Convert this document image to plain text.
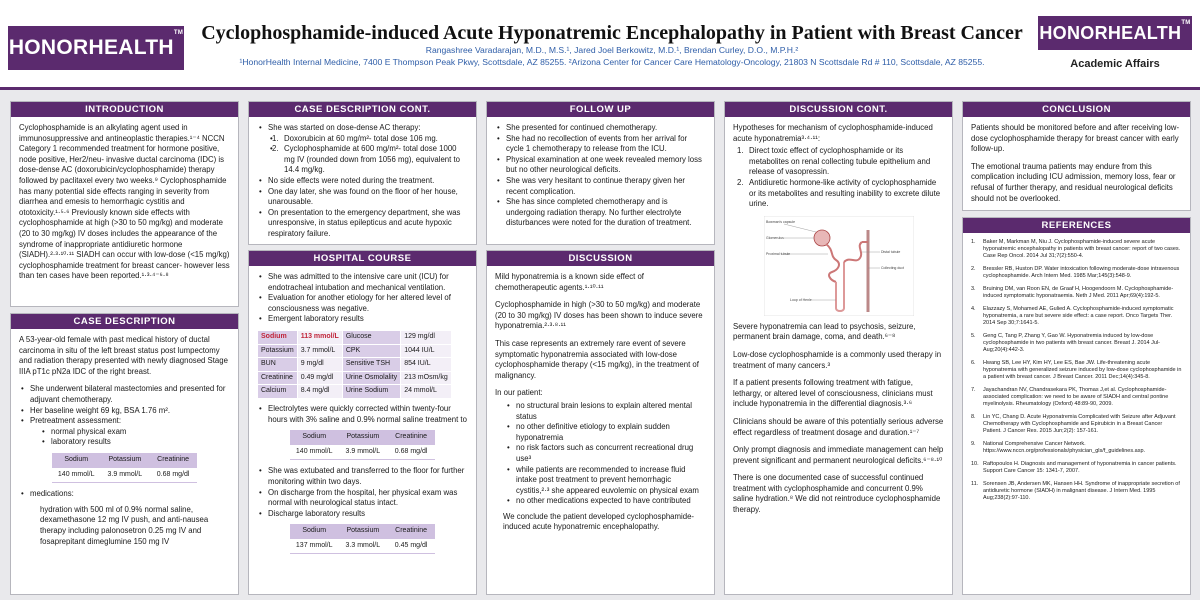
HONORHEALTH™ Cyclophosphamide-induced Acute Hyponatremic Encephalopathy in Patient with Breast Cancer
Rangashree Varadarajan, M.D., M.S.¹, Jared Joel Berkowitz, M.D.¹, Brendan Curley, D.O., M.P.H.²
¹HonorHealth Internal Medicine, 7400 E Thompson Peak Pkwy, Scottsdale, AZ 85255. ²Arizona Center for Cancer Care Hematology-Oncology, 21803 N Scottsdale Rd # 110, Scottsdale, AZ 85255.
HONORHEALTH™
Academic Affairs
INTRODUCTION

Cyclophosphamide is an alkylating agent used in immunosuppressive and antineoplastic therapies.¹⁻⁴ NCCN Category 1 recommended treatment for hormone positive, node positive, Her2/neu- invasive ductal carcinoma (IDC) is dose-dense AC (doxorubicin/cyclophosphamide) therapy followed by paclitaxel every two weeks.⁹ Cyclophosphamide has many potential side effects ranging in severity from diarrhea and emesis to hemorrhagic cystitis and ototoxicity.¹·⁵·⁶ Previously known side effects with cyclophosphamide at high (>30 to 50 mg/kg) and moderate (20 to 30 mg/kg) IV doses includes the appearance of the syndrome of inappropriate antidiuretic hormone (SIADH).²·³·¹⁰·¹¹ SIADH can occur with low-dose (<15 mg/kg) cyclophosphamide treatment for breast cancer- however less than ten cases have been reported.¹·³·⁴⁻⁶·⁸

CASE DESCRIPTION

A 53-year-old female with past medical history of ductal carcinoma in situ of the left breast status post lumpectomy and radiation therapy presented with newly diagnosed Stage IIIA pT1c pN2a IDC of the right breast.

• She underwent bilateral mastectomies and presented for adjuvant chemotherapy.
• Her baseline weight 69 kg, BSA 1.76 m².
• Pretreatment assessment:
• normal physical exam
• laboratory results
Sodium	Potassium	Creatinine
140 mmol/L	3.9 mmol/L	0.68 mg/dl
• medications:

hydration with 500 ml of 0.9% normal saline, dexamethasone 12 mg IV push, and anti-nausea therapy including palonosetron 0.25 mg IV and fosaprepitant dimeglumine 150 mg IV

CASE DESCRIPTION CONT.
• She was started on dose-dense AC therapy:
• 1. Doxorubicin at 60 mg/m²- total dose 106 mg.
• 2. Cyclophosphamide at 600 mg/m²- total dose 1000 mg IV (rounded down from 1056 mg), equivalent to 14.4 mg/kg.
• No side effects were noted during the treatment.
• One day later, she was found on the floor of her house, unarousable.
• On presentation to the emergency department, she was unresponsive, in status epilepticus and acute hypoxic respiratory failure.
HOSPITAL COURSE
• She was admitted to the intensive care unit (ICU) for endotracheal intubation and mechanical ventilation.
• Evaluation for another etiology for her altered level of consciousness was negative.
• Emergent laboratory results
Sodium	113 mmol/L	Glucose	129 mg/dl
Potassium	3.7 mmol/L	CPK	1044 IU/L
BUN	9 mg/dl	Sensitive TSH	854 IU/L
Creatinine	0.49 mg/dl	Urine Osmolality	213 mOsm/kg
Calcium	8.4 mg/dl	Urine Sodium	24 mmol/L
• Electrolytes were quickly corrected within twenty-four hours with 3% saline and 0.9% normal saline treatment to
Sodium	Potassium	Creatinine
140 mmol/L	3.9 mmol/L	0.68 mg/dl
• She was extubated and transferred to the floor for further monitoring within two days.
• On discharge from the hospital, her physical exam was normal with neurological status intact.
• Discharge laboratory results
Sodium	Potassium	Creatinine
137 mmol/L	3.3 mmol/L	0.45 mg/dl
FOLLOW UP
• She presented for continued chemotherapy.
• She had no recollection of events from her arrival for cycle 1 chemotherapy to release from the ICU.
• Physical examination at one week revealed memory loss but no other neurological deficits.
• She was very hesitant to continue therapy given her recent complication.
• She has since completed chemotherapy and is undergoing radiation therapy. No further electrolyte disturbances were noted for the duration of treatment.
DISCUSSION

Mild hyponatremia is a known side effect of chemotherapeutic agents.¹·¹⁰·¹¹

Cyclophosphamide in high (>30 to 50 mg/kg) and moderate (20 to 30 mg/kg) IV doses has been shown to induce severe hyponatremia.²·³·⁸·¹¹

This case represents an extremely rare event of severe symptomatic hyponatremia associated with low-dose cyclophosphamide therapy (<15 mg/kg), in the treatment of malignancy.

In our patient:

• no structural brain lesions to explain altered mental status
• no other definitive etiology to explain sudden hyponatremia
• no risk factors such as concurrent recreational drug use³
• while patients are recommended to increase fluid intake post treatment to prevent hemorrhagic cystitis,²·³ she appeared euvolemic on physical exam
• no other medications expected to have contributed

We conclude the patient developed cyclophosphamide-induced acute hyponatremic encephalopathy.

DISCUSSION CONT.

Hypotheses for mechanism of cyclophosphamide-induced acute hyponatremia³·⁴·¹¹:

1. Direct toxic effect of cyclophosphamide or its metabolites on renal collecting tubule epithelium and release of vasopressin.
2. Antidiuretic hormone-like activity of cyclophosphamide or its metabolites and resulting inability to excrete dilute urine.
Bowman's capsule
Glomerulus
Proximal tubule	Distal tubule
Collecting duct
Loop of Henle

Severe hyponatremia can lead to psychosis, seizure, permanent brain damage, coma, and death.⁶⁻⁸

Low-dose cyclophosphamide is a commonly used therapy in treatment of many cancers.³

If a patient presents following treatment with fatigue, lethargy, or altered level of consciousness, clinicians must include hyponatremia in the differential diagnosis.³·⁶

Clinicians should be aware of this potentially serious adverse effect regardless of treatment dosage and duration.¹⁻⁷

Only prompt diagnosis and immediate management can help prevent significant and permanent neurological deficits.⁶⁻⁸·¹⁰

There is one documented case of successful continued treatment with cyclophosphamide and concurrent 0.9% saline hydration.⁸ We did not reintroduce cyclophosphamide therapy.

CONCLUSION

Patients should be monitored before and after receiving low-dose cyclophosphamide therapy for breast cancer with early follow-up.

The emotional trauma patients may endure from this complication including ICU admission, memory loss, fear or refusal of further therapy, and residual neurological deficits should not be overlooked.

REFERENCES
1. Baker M, Markman M, Niu J. Cyclophosphamide-induced severe acute hyponatremic encephalopathy in patients with breast cancer: report of two cases. Case Rep Oncol. 2014 Jul 31;7(2):550-4.
2. Bressler RB, Huston DP. Water intoxication following moderate-dose intravenous cyclophosphamide. Arch Intern Med. 1985 Mar;145(3):548-9.
3. Bruining DM, van Roon EN, de Graaf H, Hoogendoorn M. Cyclophosphamide-induced symptomatic hyponatraemia. Neth J Med. 2011 Apr;69(4):192-5.
4. Elazzazy S, Mohamed AE, Gulied A. Cyclophosphamide-induced symptomatic hyponatremia, a rare but severe side effect: a case report. Onco Targets Ther. 2014 Sep 30;7:1641-5.
5. Geng C, Tang P, Zhang Y, Gao W. Hyponatremia induced by low-dose cyclophosphamide in two patients with breast cancer. Breast J. 2014 Jul-Aug;20(4):442-3.
6. Hwang SB, Lee HY, Kim HY, Lee ES, Bae JW. Life-threatening acute hyponatremia with generalized seizure induced by low-dose cyclophosphamide in a patient with breast cancer. J Breast Cancer. 2011 Dec;14(4):345-8.
7. Jayachandran NV, Chandrasekara PK, Thomas J,et al. Cyclophosphamide-associated complication: we need to be aware of SIADH and central pontine myelinolysis. Rheumatology (Oxford) 48:89-90, 2009.
8. Lin YC, Chang D. Acute Hyponatremia Complicated with Seizure after Adjuvant Chemotherapy with Cyclophosphamide and Epirubicin in a Breast Cancer Patient. J Cancer Res. 2015 Jun;2(2): 157-161.
9. National Comprehensive Cancer Network. https://www.nccn.org/professionals/physician_gls/f_guidelines.asp.
10. Raftopoulos H. Diagnosis and management of hyponatremia in cancer patients. Support Care Cancer 15: 1341-7, 2007.
11. Sorensen JB, Andersen MK, Hansen HH. Syndrome of inappropriate secretion of antidiuretic hormone (SIADH) in malignant disease. J Intern Med. 1995 Aug;238(2):97-110.
